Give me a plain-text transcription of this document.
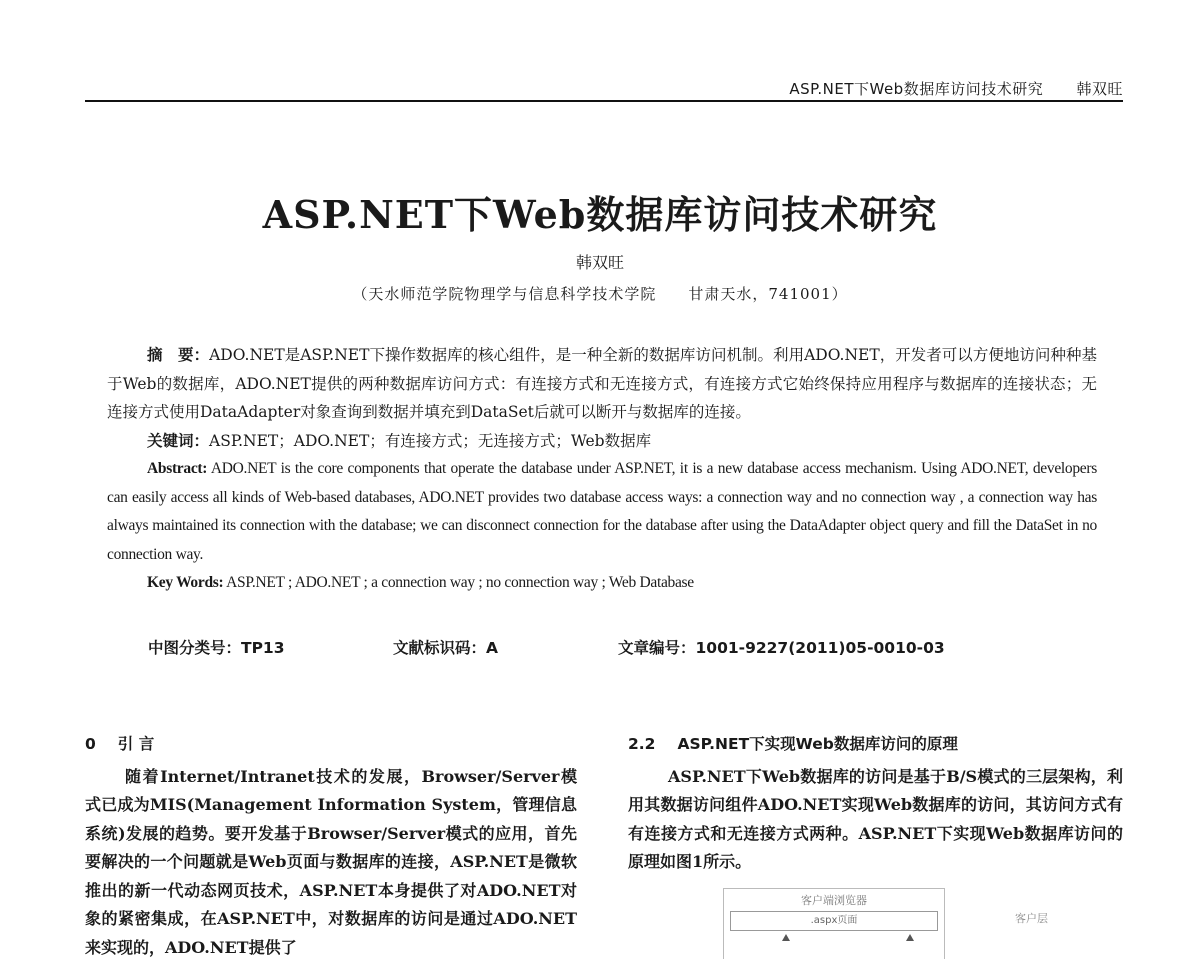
ASP.NET下Web数据库访问技术研究 韩双旺
ASP.NET下Web数据库访问技术研究
韩双旺
（天水师范学院物理学与信息科学技术学院　　甘肃天水，741001）

摘　要：ADO.NET是ASP.NET下操作数据库的核心组件，是一种全新的数据库访问机制。利用ADO.NET，开发者可以方便地访问种种基于Web的数据库，ADO.NET提供的两种数据库访问方式：有连接方式和无连接方式，有连接方式它始终保持应用程序与数据库的连接状态；无连接方式使用DataAdapter对象查询到数据并填充到DataSet后就可以断开与数据库的连接。

关键词：ASP.NET；ADO.NET；有连接方式；无连接方式；Web数据库

Abstract: ADO.NET is the core components that operate the database under ASP.NET, it is a new database access mechanism. Using ADO.NET, developers can easily access all kinds of Web-based databases, ADO.NET provides two database access ways: a connection way and no connection way , a connection way has always maintained its connection with the database; we can disconnect connection for the database after using the DataAdapter object query and fill the DataSet in no connection way.

Key Words: ASP.NET ; ADO.NET ; a connection way ; no connection way ; Web Database

中图分类号：TP13	文献标识码：A	文章编号：1001-9227(2011)05-0010-03
0 引 言

随着Internet/Intranet技术的发展，Browser/Server模式已成为MIS(Management Information System，管理信息系统)发展的趋势。要开发基于Browser/Server模式的应用，首先要解决的一个问题就是Web页面与数据库的连接，ASP.NET是微软推出的新一代动态网页技术，ASP.NET本身提供了对ADO.NET对象的紧密集成，在ASP.NET中，对数据库的访问是通过ADO.NET来实现的，ADO.NET提供了

2.2 ASP.NET下实现Web数据库访问的原理

ASP.NET下Web数据库的访问是基于B/S模式的三层架构，利用其数据访问组件ADO.NET实现Web数据库的访问，其访问方式有有连接方式和无连接方式两种。ASP.NET下实现Web数据库访问的原理如图1所示。

客户端浏览器
.aspx页面	客户层
